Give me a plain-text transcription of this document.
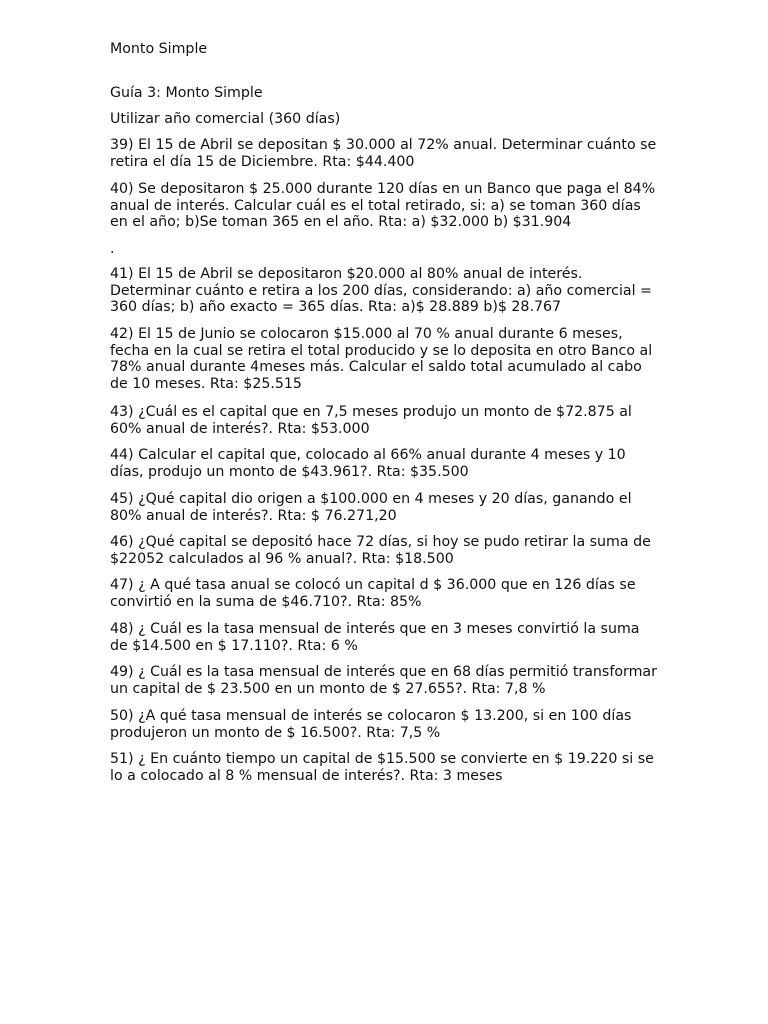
Monto Simple
Guía 3: Monto Simple
Utilizar año comercial (360 días)
39) El 15 de Abril se depositan $ 30.000 al 72% anual. Determinar cuánto se
retira el día 15 de Diciembre. Rta: $44.400
40) Se depositaron $ 25.000 durante 120 días en un Banco que paga el 84%
anual de interés. Calcular cuál es el total retirado, si: a) se toman 360 días
en el año; b)Se toman 365 en el año. Rta: a) $32.000 b) $31.904
.
41) El 15 de Abril se depositaron $20.000 al 80% anual de interés.
Determinar cuánto e retira a los 200 días, considerando: a) año comercial =
360 días; b) año exacto = 365 días. Rta: a)$ 28.889 b)$ 28.767
42) El 15 de Junio se colocaron $15.000 al 70 % anual durante 6 meses,
fecha en la cual se retira el total producido y se lo deposita en otro Banco al
78% anual durante 4meses más. Calcular el saldo total acumulado al cabo
de 10 meses. Rta: $25.515
43) ¿Cuál es el capital que en 7,5 meses produjo un monto de $72.875 al
60% anual de interés?. Rta: $53.000
44) Calcular el capital que, colocado al 66% anual durante 4 meses y 10
días, produjo un monto de $43.961?. Rta: $35.500
45) ¿Qué capital dio origen a $100.000 en 4 meses y 20 días, ganando el
80% anual de interés?. Rta: $ 76.271,20
46) ¿Qué capital se depositó hace 72 días, si hoy se pudo retirar la suma de
$22052 calculados al 96 % anual?. Rta: $18.500
47) ¿ A qué tasa anual se colocó un capital d $ 36.000 que en 126 días se
convirtió en la suma de $46.710?. Rta: 85%
48) ¿ Cuál es la tasa mensual de interés que en 3 meses convirtió la suma
de $14.500 en $ 17.110?. Rta: 6 %
49) ¿ Cuál es la tasa mensual de interés que en 68 días permitió transformar
un capital de $ 23.500 en un monto de $ 27.655?. Rta: 7,8 %
50) ¿A qué tasa mensual de interés se colocaron $ 13.200, si en 100 días
produjeron un monto de $ 16.500?. Rta: 7,5 %
51) ¿ En cuánto tiempo un capital de $15.500 se convierte en $ 19.220 si se
lo a colocado al 8 % mensual de interés?. Rta: 3 meses
